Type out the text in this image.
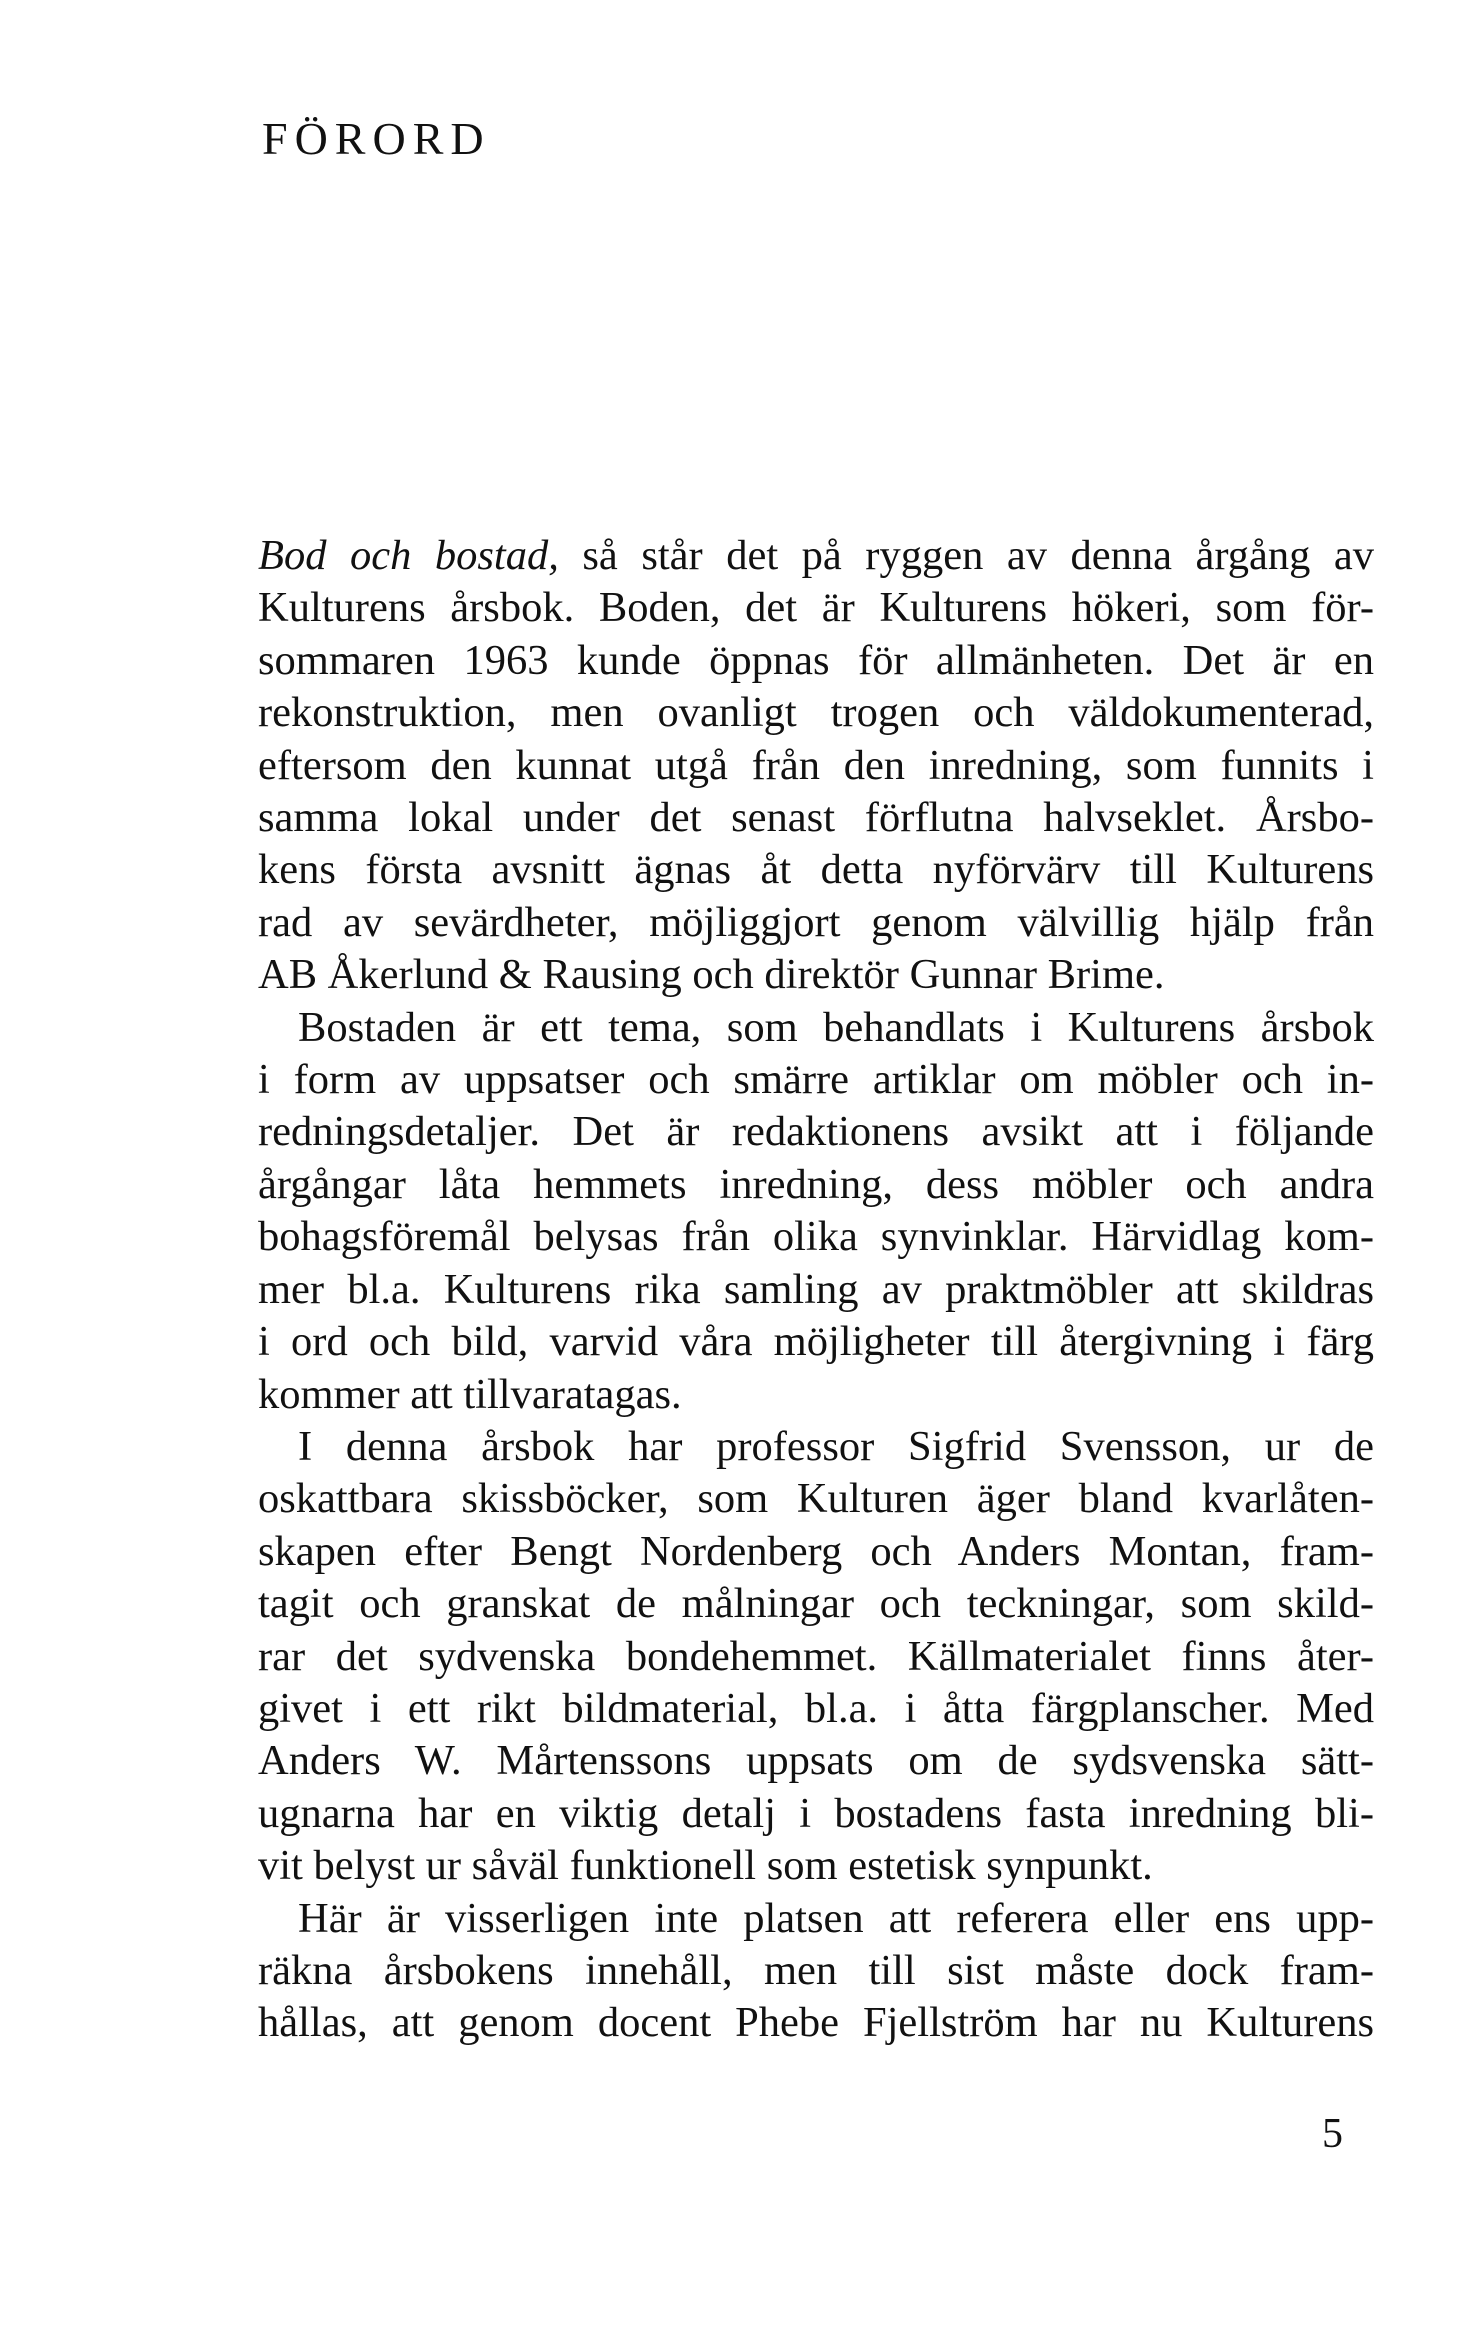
FÖRORD
Bod och bostad, så står det på ryggen av denna årgång av
Kulturens årsbok. Boden, det är Kulturens hökeri, som för-
sommaren 1963 kunde öppnas för allmänheten. Det är en
rekonstruktion, men ovanligt trogen och väldokumenterad,
eftersom den kunnat utgå från den inredning, som funnits i
samma lokal under det senast förflutna halvseklet. Årsbo-
kens första avsnitt ägnas åt detta nyförvärv till Kulturens
rad av sevärdheter, möjliggjort genom välvillig hjälp från
AB Åkerlund & Rausing och direktör Gunnar Brime.
Bostaden är ett tema, som behandlats i Kulturens årsbok
i form av uppsatser och smärre artiklar om möbler och in-
redningsdetaljer. Det är redaktionens avsikt att i följande
årgångar låta hemmets inredning, dess möbler och andra
bohagsföremål belysas från olika synvinklar. Härvidlag kom-
mer bl.a. Kulturens rika samling av praktmöbler att skildras
i ord och bild, varvid våra möjligheter till återgivning i färg
kommer att tillvaratagas.
I denna årsbok har professor Sigfrid Svensson, ur de
oskattbara skissböcker, som Kulturen äger bland kvarlåten-
skapen efter Bengt Nordenberg och Anders Montan, fram-
tagit och granskat de målningar och teckningar, som skild-
rar det sydvenska bondehemmet. Källmaterialet finns åter-
givet i ett rikt bildmaterial, bl.a. i åtta färgplanscher. Med
Anders W. Mårtenssons uppsats om de sydsvenska sätt-
ugnarna har en viktig detalj i bostadens fasta inredning bli-
vit belyst ur såväl funktionell som estetisk synpunkt.
Här är visserligen inte platsen att referera eller ens upp-
räkna årsbokens innehåll, men till sist måste dock fram-
hållas, att genom docent Phebe Fjellström har nu Kulturens
5
